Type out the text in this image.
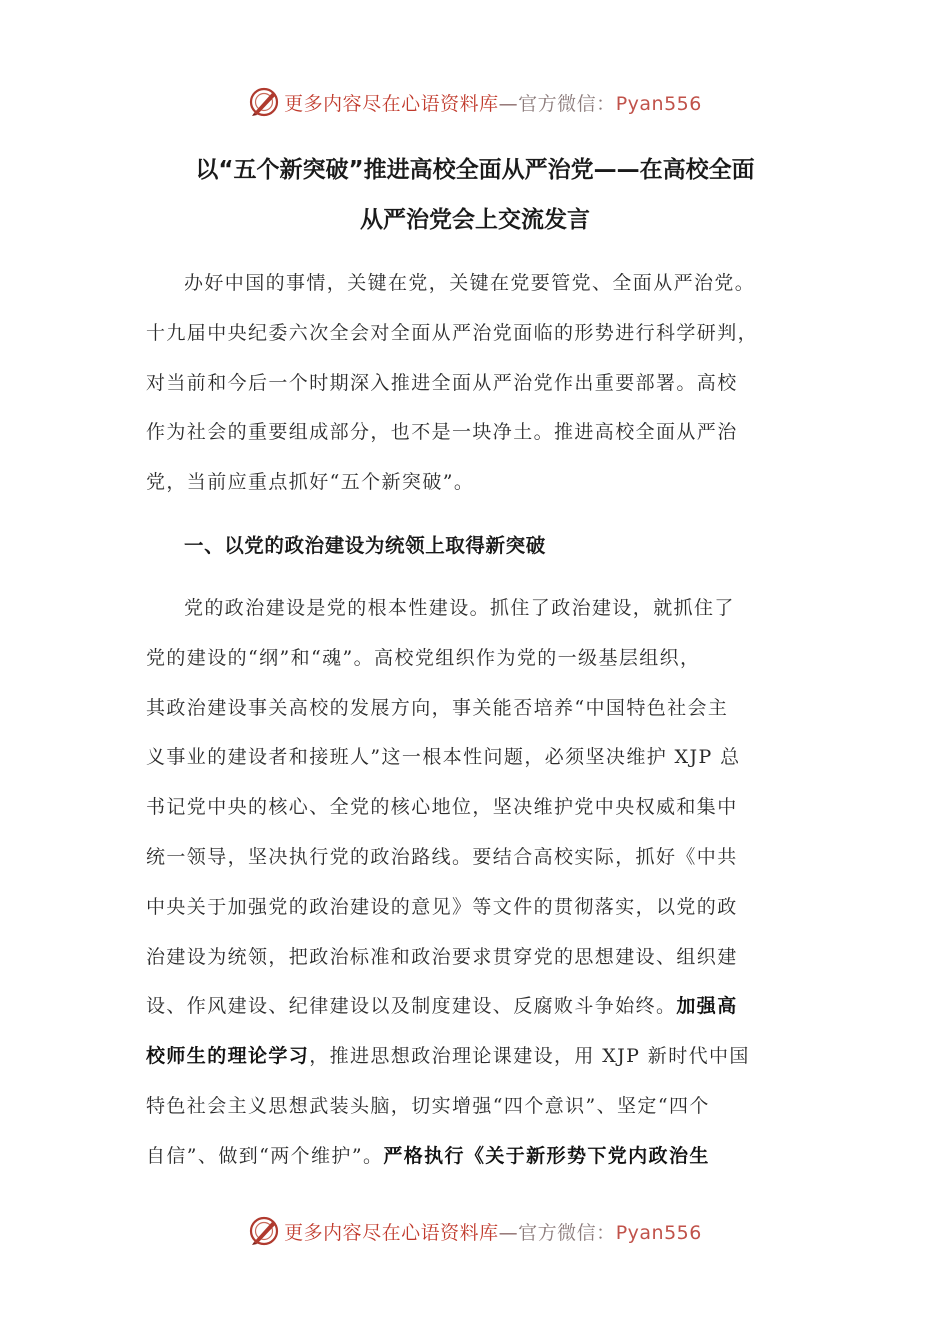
更多内容尽在心语资料库—官方微信：Pyan556
以“五个新突破”推进高校全面从严治党——在高校全面
从严治党会上交流发言
办好中国的事情，关键在党，关键在党要管党、全面从严治党。
十九届中央纪委六次全会对全面从严治党面临的形势进行科学研判，
对当前和今后一个时期深入推进全面从严治党作出重要部署。高校
作为社会的重要组成部分，也不是一块净土。推进高校全面从严治
党，当前应重点抓好“五个新突破”。
一、以党的政治建设为统领上取得新突破
党的政治建设是党的根本性建设。抓住了政治建设，就抓住了
党的建设的“纲”和“魂”。高校党组织作为党的一级基层组织，
其政治建设事关高校的发展方向，事关能否培养“中国特色社会主
义事业的建设者和接班人”这一根本性问题，必须坚决维护 XJP 总
书记党中央的核心、全党的核心地位，坚决维护党中央权威和集中
统一领导，坚决执行党的政治路线。要结合高校实际，抓好《中共
中央关于加强党的政治建设的意见》等文件的贯彻落实，以党的政
治建设为统领，把政治标准和政治要求贯穿党的思想建设、组织建
设、作风建设、纪律建设以及制度建设、反腐败斗争始终。加强高
校师生的理论学习，推进思想政治理论课建设，用 XJP 新时代中国
特色社会主义思想武装头脑，切实增强“四个意识”、坚定“四个
自信”、做到“两个维护”。严格执行《关于新形势下党内政治生
更多内容尽在心语资料库—官方微信：Pyan556
